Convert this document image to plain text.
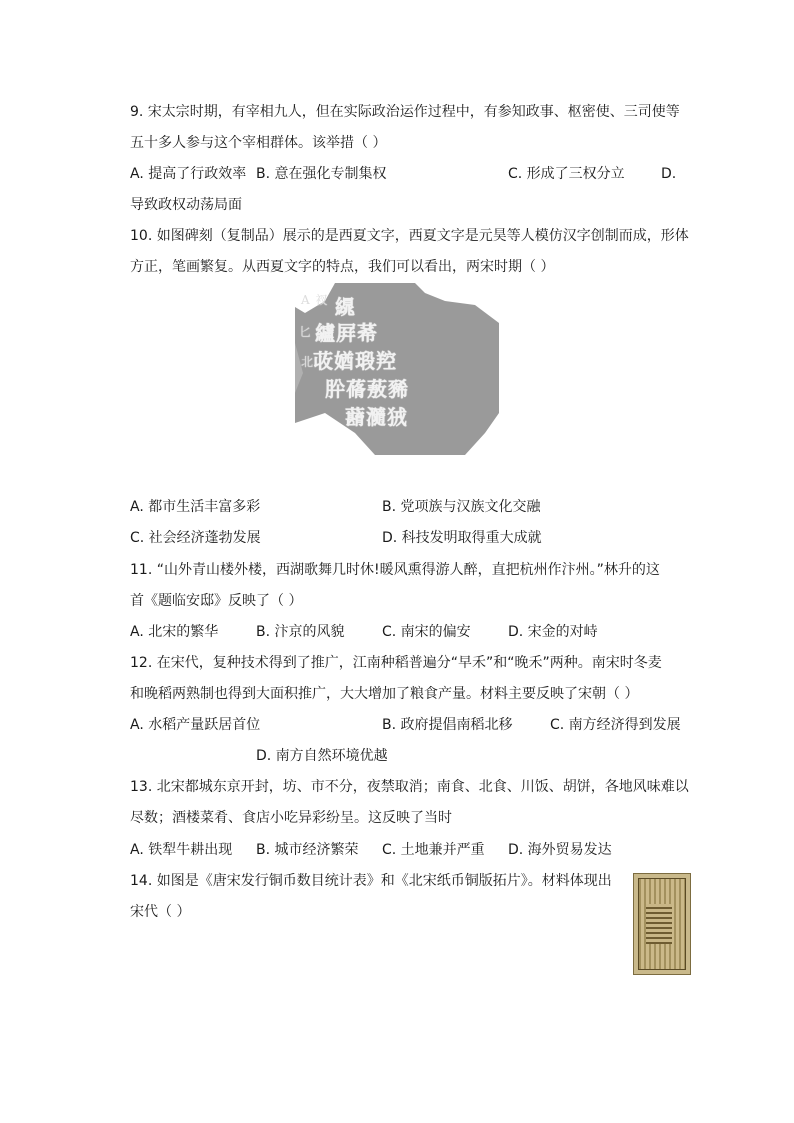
9. 宋太宗时期，有宰相九人，但在实际政治运作过程中，有参知政事、枢密使、三司使等
五十多人参与这个宰相群体。该举措（ ）
A. 提高了行政效率 B. 意在强化专制集权	C. 形成了三权分立	D.
导致政权动荡局面
10. 如图碑刻（复制品）展示的是西夏文字，西夏文字是元昊等人模仿汉字创制而成，形体
方正，笔画繁复。从西夏文字的特点，我们可以看出，两宋时期（ ）
A 衩
匕
北
繉
纑屛莃
荍媨瑖羫
肸蓨蔜豨
蘛瀡狨
A. 都市生活丰富多彩	B. 党项族与汉族文化交融
C. 社会经济蓬勃发展	D. 科技发明取得重大成就
11. “山外青山楼外楼，西湖歌舞几时休!暖风熏得游人醉，直把杭州作汴州。”林升的这
首《题临安邸》反映了（ ）
A. 北宋的繁华	B. 汴京的风貌	C. 南宋的偏安	D. 宋金的对峙
12. 在宋代，复种技术得到了推广，江南种稻普遍分“早禾”和“晚禾”两种。南宋时冬麦
和晚稻两熟制也得到大面积推广，大大增加了粮食产量。材料主要反映了宋朝（ ）
A. 水稻产量跃居首位	B. 政府提倡南稻北移	C. 南方经济得到发展
D. 南方自然环境优越
13. 北宋都城东京开封，坊、市不分，夜禁取消；南食、北食、川饭、胡饼，各地风味难以
尽数；酒楼菜肴、食店小吃异彩纷呈。这反映了当时
A. 铁犁牛耕出现 B. 城市经济繁荣 C. 土地兼并严重 D. 海外贸易发达
14. 如图是《唐宋发行铜币数目统计表》和《北宋纸币铜版拓片》。材料体现出
宋代（ ）
